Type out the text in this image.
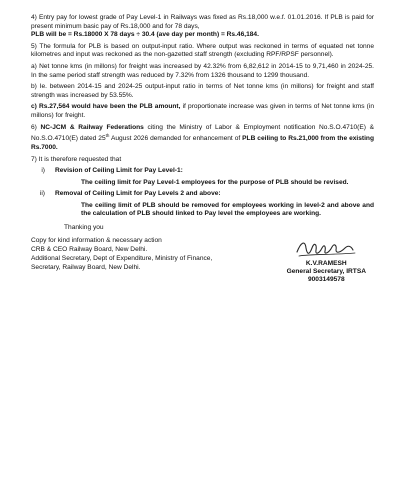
4) Entry pay for lowest grade of Pay Level-1 in Railways was fixed as Rs.18,000 w.e.f. 01.01.2016. If PLB is paid for present minimum basic pay of Rs.18,000 and for 78 days,
PLB will be = Rs.18000 X 78 days ÷ 30.4 (ave day per month) = Rs.46,184.

5) The formula for PLB is based on output-input ratio. Where output was reckoned in terms of equated net tonne kilometres and input was reckoned as the non-gazetted staff strength (excluding RPF/RPSF personnel).

a) Net tonne kms (in millons) for freight was increased by 42.32% from 6,82,612 in 2014-15 to 9,71,460 in 2024-25. In the same period staff strength was reduced by 7.32% from 1326 thousand to 1299 thousand.

b) Ie. between 2014-15 and 2024-25 output-input ratio in terms of Net tonne kms (in millons) for freight and staff strength was increased by 53.55%.

c) Rs.27,564 would have been the PLB amount, if proportionate increase was given in terms of Net tonne kms (in millons) for freight.

6) NC-JCM & Railway Federations citing the Ministry of Labor & Employment notification No.S.O.4710(E) & No.S.O.4710(E) dated 25th August 2026 demanded for enhancement of PLB ceiling to Rs.21,000 from the existing Rs.7000.

7) It is therefore requested that

i)	Revision of Ceiling Limit for Pay Level-1:

The ceiling limit for Pay Level-1 employees for the purpose of PLB should be revised.

ii)	Removal of Ceiling Limit for Pay Levels 2 and above:

The ceiling limit of PLB should be removed for employees working in level-2 and above and the calculation of PLB should linked to Pay level the employees are working.

Thanking you

Copy for kind information & necessary action
CRB & CEO Railway Board, New Delhi.
Additional Secretary, Dept of Expenditure, Ministry of Finance,
Secretary, Railway Board, New Delhi.
K.V.RAMESH
General Secretary, IRTSA
9003149578
